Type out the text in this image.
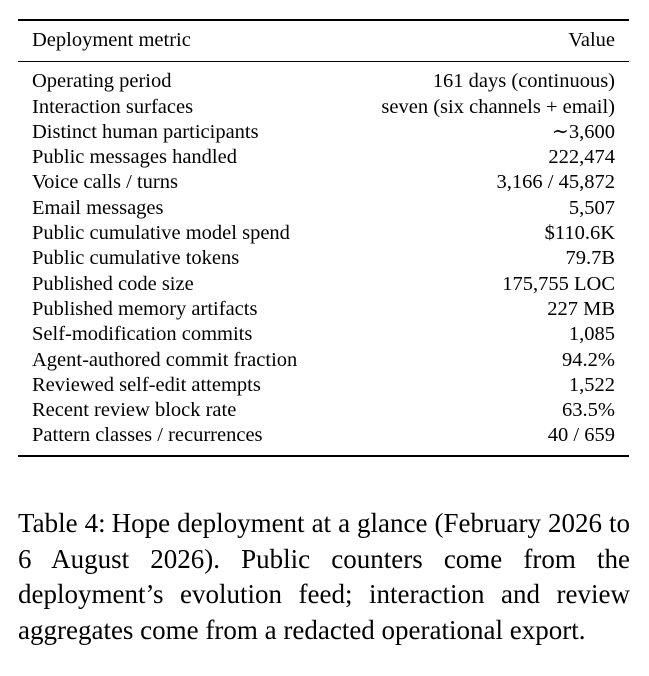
Deployment metric	Value
Operating period	161 days (continuous)
Interaction surfaces	seven (six channels + email)
Distinct human participants	∼3,600
Public messages handled	222,474
Voice calls / turns	3,166 / 45,872
Email messages	5,507
Public cumulative model spend	$110.6K
Public cumulative tokens	79.7B
Published code size	175,755 LOC
Published memory artifacts	227 MB
Self-modification commits	1,085
Agent-authored commit fraction	94.2%
Reviewed self-edit attempts	1,522
Recent review block rate	63.5%
Pattern classes / recurrences	40 / 659

Table 4: Hope deployment at a glance (February 2026 to 6 August 2026). Public counters come from the deployment’s evolution feed; interaction and review aggregates come from a redacted operational export.
